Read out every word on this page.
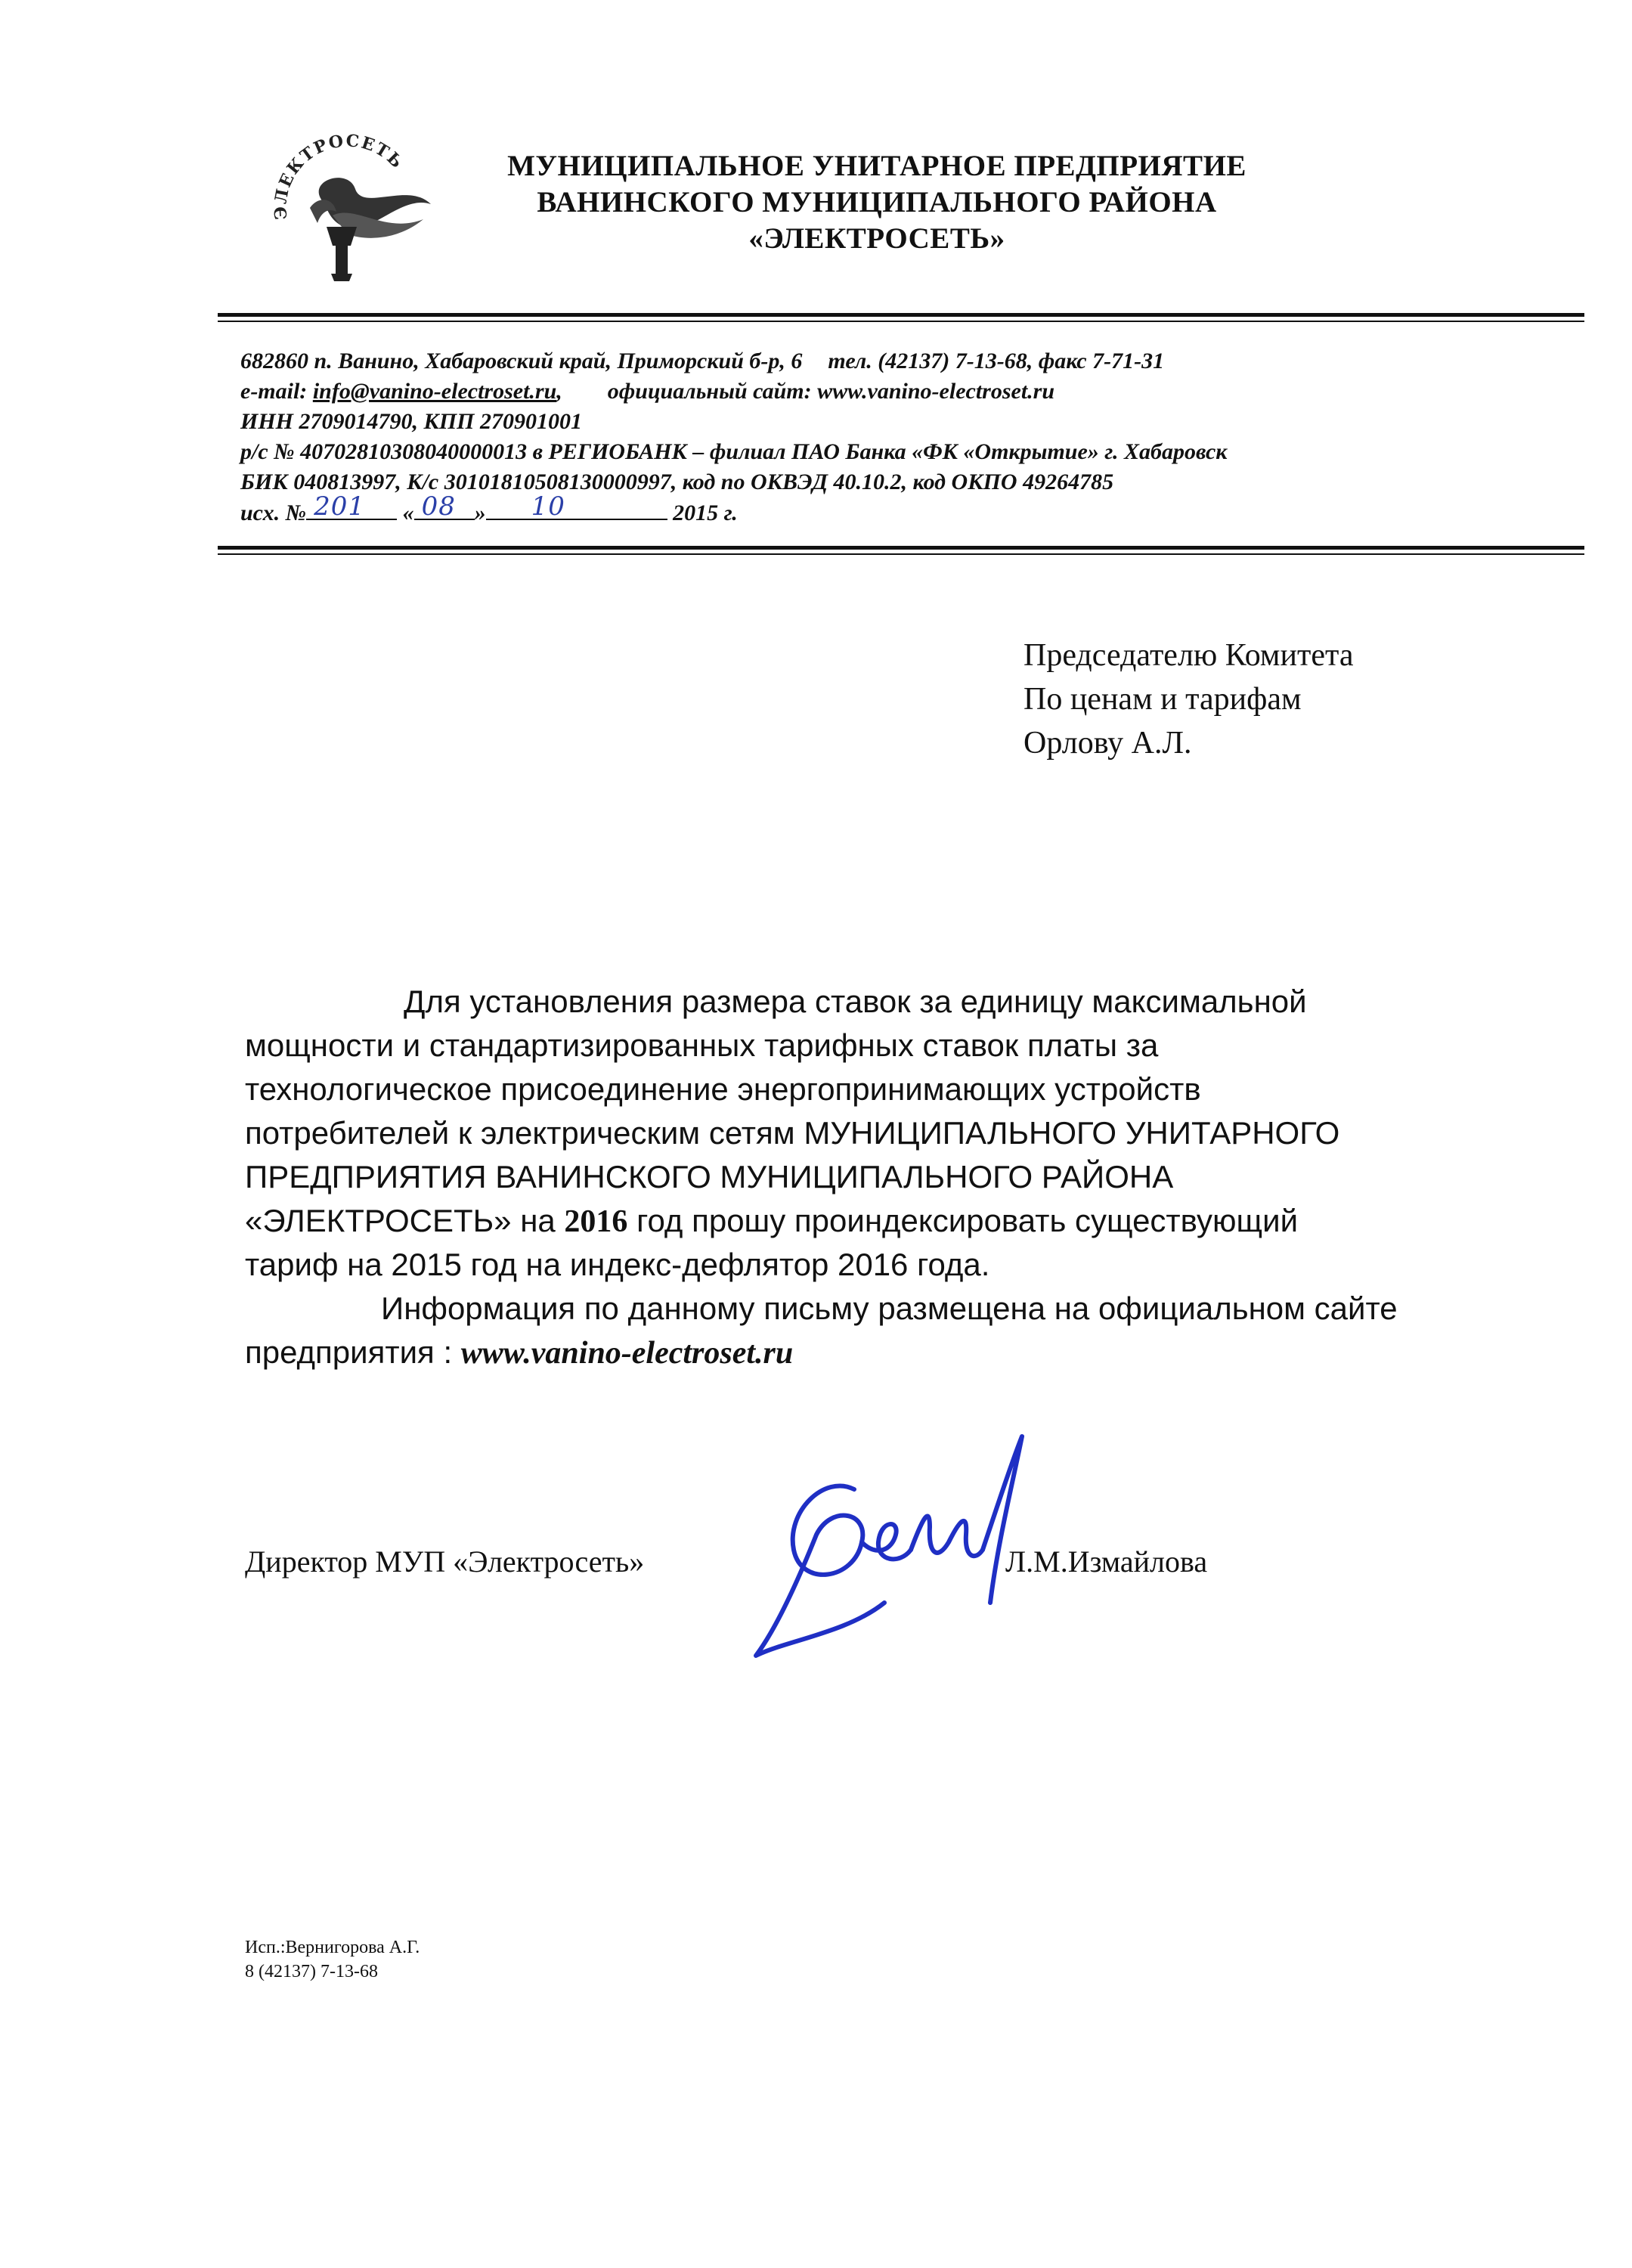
ЭЛЕКТРОСЕТЬ	МУНИЦИПАЛЬНОЕ УНИТАРНОЕ ПРЕДПРИЯТИЕ
ВАНИНСКОГО МУНИЦИПАЛЬНОГО РАЙОНА
«ЭЛЕКТРОСЕТЬ»
682860 п. Ванино, Хабаровский край, Приморский б-р, 6 тел. (42137) 7-13-68, факс 7-71-31
e-mail: info@vanino-electroset.ru, официальный сайт: www.vanino-electroset.ru
ИНН 2709014790, КПП 270901001
р/с № 40702810308040000013 в РЕГИОБАНК – филиал ПАО Банка «ФК «Открытие» г. Хабаровск
БИК 040813997, К/с 30101810508130000997, код по ОКВЭД 40.10.2, код ОКПО 49264785
исх. № 201 « 08 » 10	2015 г.
Председателю Комитета
По ценам и тарифам
Орлову А.Л.
Для установления размера ставок за единицу максимальной
мощности и стандартизированных тарифных ставок платы за
технологическое присоединение энергопринимающих устройств
потребителей к электрическим сетям МУНИЦИПАЛЬНОГО УНИТАРНОГО
ПРЕДПРИЯТИЯ ВАНИНСКОГО МУНИЦИПАЛЬНОГО РАЙОНА
«ЭЛЕКТРОСЕТЬ» на 2016 год прошу проиндексировать существующий
тариф на 2015 год на индекс-дефлятор 2016 года.
Информация по данному письму размещена на официальном сайте
предприятия : www.vanino-electroset.ru
Директор МУП «Электросеть»	Л.М.Измайлова
Исп.:Вернигорова А.Г.
8 (42137) 7-13-68
